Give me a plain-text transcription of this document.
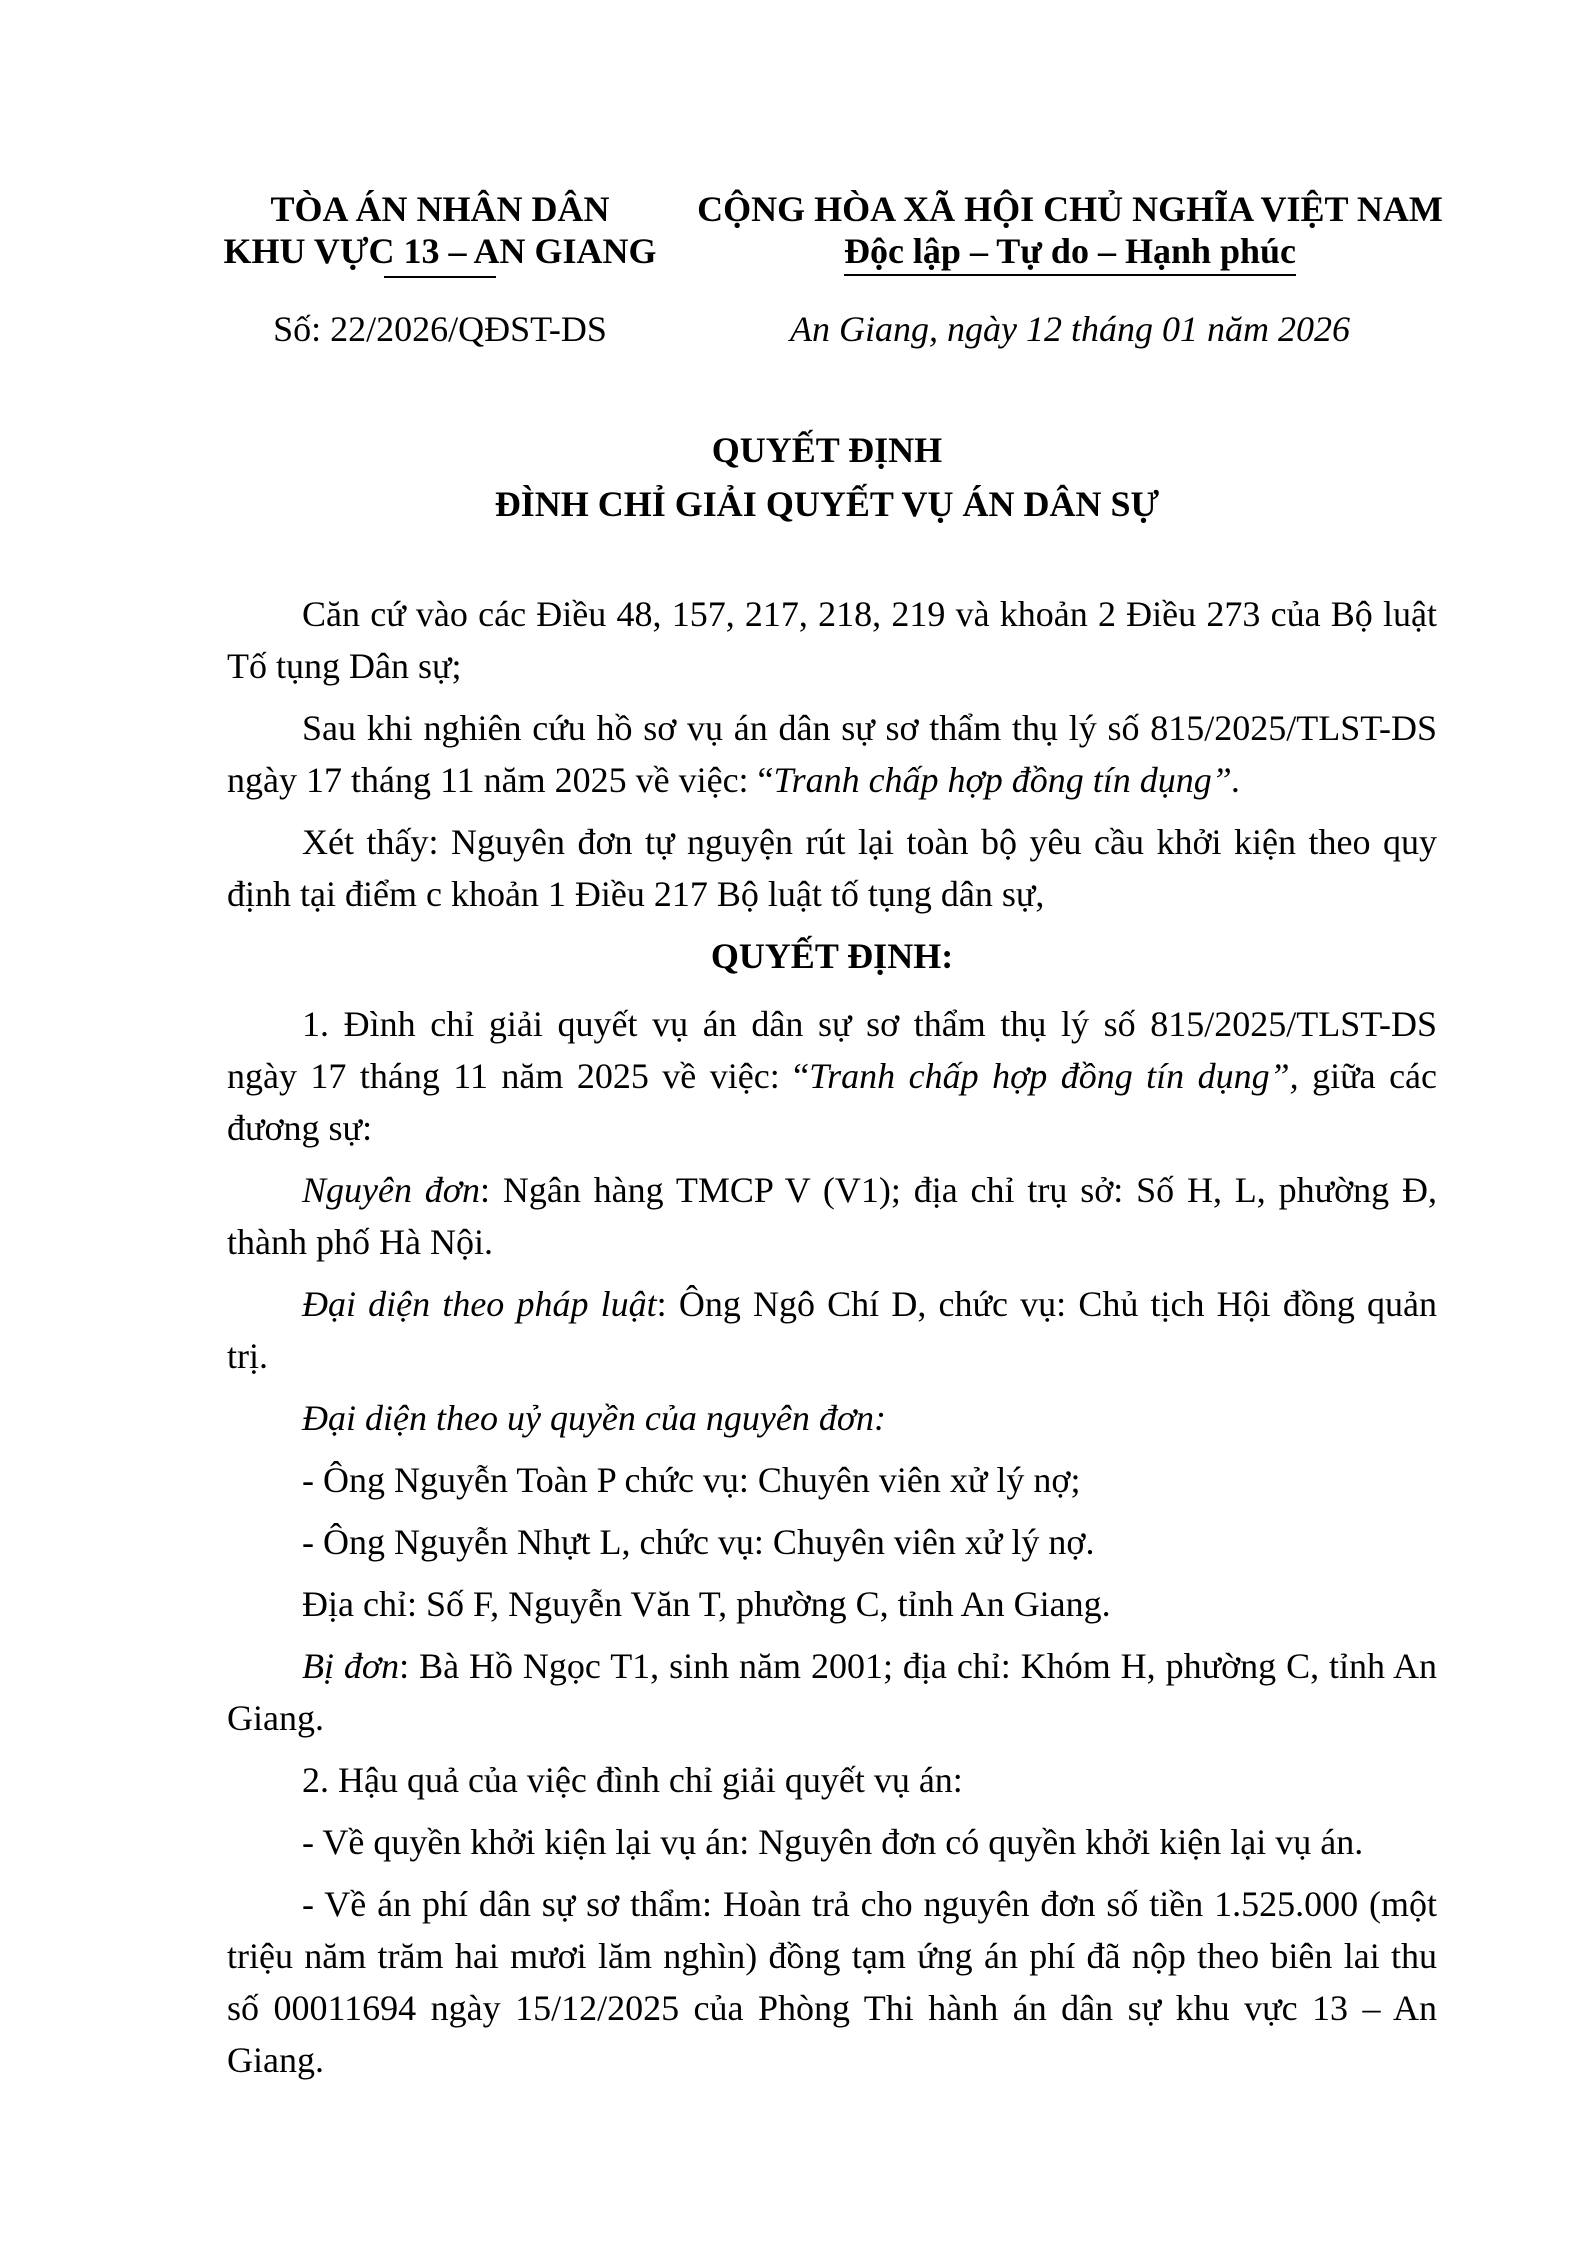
TÒA ÁN NHÂN DÂN
KHU VỰC 13 – AN GIANG
CỘNG HÒA XÃ HỘI CHỦ NGHĨA VIỆT NAM
Độc lập – Tự do – Hạnh phúc
Số: 22/2026/QĐST-DS	An Giang, ngày 12 tháng 01 năm 2026
QUYẾT ĐỊNH
ĐÌNH CHỈ GIẢI QUYẾT VỤ ÁN DÂN SỰ

Căn cứ vào các Điều 48, 157, 217, 218, 219 và khoản 2 Điều 273 của Bộ luật Tố tụng Dân sự;

Sau khi nghiên cứu hồ sơ vụ án dân sự sơ thẩm thụ lý số 815/2025/TLST-DS ngày 17 tháng 11 năm 2025 về việc: “Tranh chấp hợp đồng tín dụng”.

Xét thấy: Nguyên đơn tự nguyện rút lại toàn bộ yêu cầu khởi kiện theo quy định tại điểm c khoản 1 Điều 217 Bộ luật tố tụng dân sự,

QUYẾT ĐỊNH:

1. Đình chỉ giải quyết vụ án dân sự sơ thẩm thụ lý số 815/2025/TLST-DS ngày 17 tháng 11 năm 2025 về việc: “Tranh chấp hợp đồng tín dụng”, giữa các đương sự:

Nguyên đơn: Ngân hàng TMCP V (V1); địa chỉ trụ sở: Số H, L, phường Đ, thành phố Hà Nội.

Đại diện theo pháp luật: Ông Ngô Chí D, chức vụ: Chủ tịch Hội đồng quản trị.

Đại diện theo uỷ quyền của nguyên đơn:

- Ông Nguyễn Toàn P chức vụ: Chuyên viên xử lý nợ;

- Ông Nguyễn Nhựt L, chức vụ: Chuyên viên xử lý nợ.

Địa chỉ: Số F, Nguyễn Văn T, phường C, tỉnh An Giang.

Bị đơn: Bà Hồ Ngọc T1, sinh năm 2001; địa chỉ: Khóm H, phường C, tỉnh An Giang.

2. Hậu quả của việc đình chỉ giải quyết vụ án:

- Về quyền khởi kiện lại vụ án: Nguyên đơn có quyền khởi kiện lại vụ án.

- Về án phí dân sự sơ thẩm: Hoàn trả cho nguyên đơn số tiền 1.525.000 (một triệu năm trăm hai mươi lăm nghìn) đồng tạm ứng án phí đã nộp theo biên lai thu số 00011694 ngày 15/12/2025 của Phòng Thi hành án dân sự khu vực 13 – An Giang.
